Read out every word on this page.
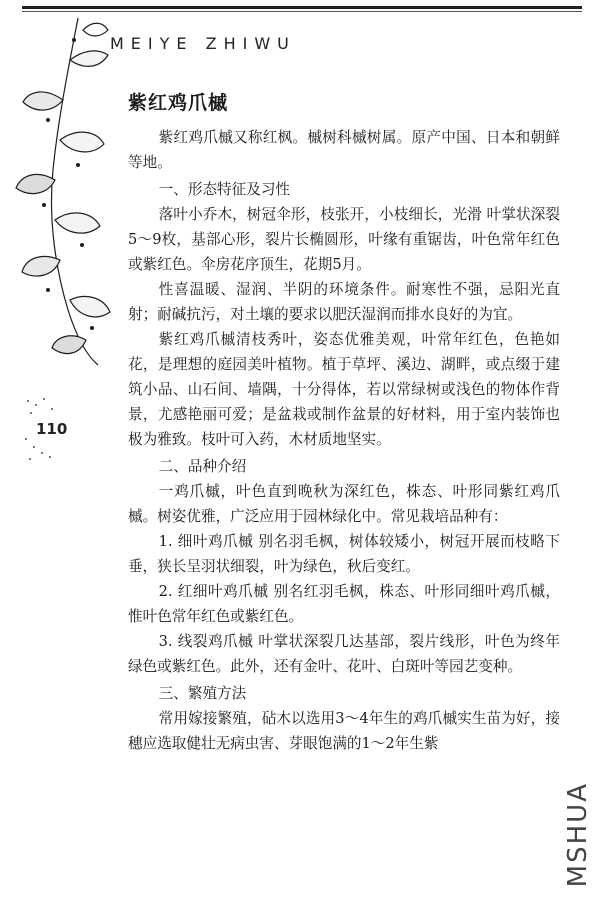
MEIYE ZHIWU
110
紫红鸡爪槭

紫红鸡爪槭又称红枫。槭树科槭树属。原产中国、日本和朝鲜等地。

一、形态特征及习性

落叶小乔木，树冠伞形，枝张开，小枝细长，光滑 叶掌状深裂5～9枚，基部心形，裂片长椭圆形，叶缘有重锯齿，叶色常年红色或紫红色。伞房花序顶生，花期5月。

性喜温暖、湿润、半阴的环境条件。耐寒性不强，忌阳光直射；耐碱抗污，对土壤的要求以肥沃湿润而排水良好的为宜。

紫红鸡爪槭清枝秀叶，姿态优雅美观，叶常年红色，色艳如花，是理想的庭园美叶植物。植于草坪、溪边、湖畔，或点缀于建筑小品、山石间、墙隅，十分得体，若以常绿树或浅色的物体作背景，尤感艳丽可爱；是盆栽或制作盆景的好材料，用于室内装饰也极为雅致。枝叶可入药，木材质地坚实。

二、品种介绍

一鸡爪槭，叶色直到晚秋为深红色，株态、叶形同紫红鸡爪槭。树姿优雅，广泛应用于园林绿化中。常见栽培品种有：

1. 细叶鸡爪槭 别名羽毛枫，树体较矮小，树冠开展而枝略下垂，狭长呈羽状细裂，叶为绿色，秋后变红。

2. 红细叶鸡爪槭 别名红羽毛枫，株态、叶形同细叶鸡爪槭，惟叶色常年红色或紫红色。

3. 线裂鸡爪槭 叶掌状深裂几达基部，裂片线形，叶色为终年绿色或紫红色。此外，还有金叶、花叶、白斑叶等园艺变种。

三、繁殖方法

常用嫁接繁殖，砧木以选用3～4年生的鸡爪槭实生苗为好，接穗应选取健壮无病虫害、芽眼饱满的1～2年生紫

MSHUA
